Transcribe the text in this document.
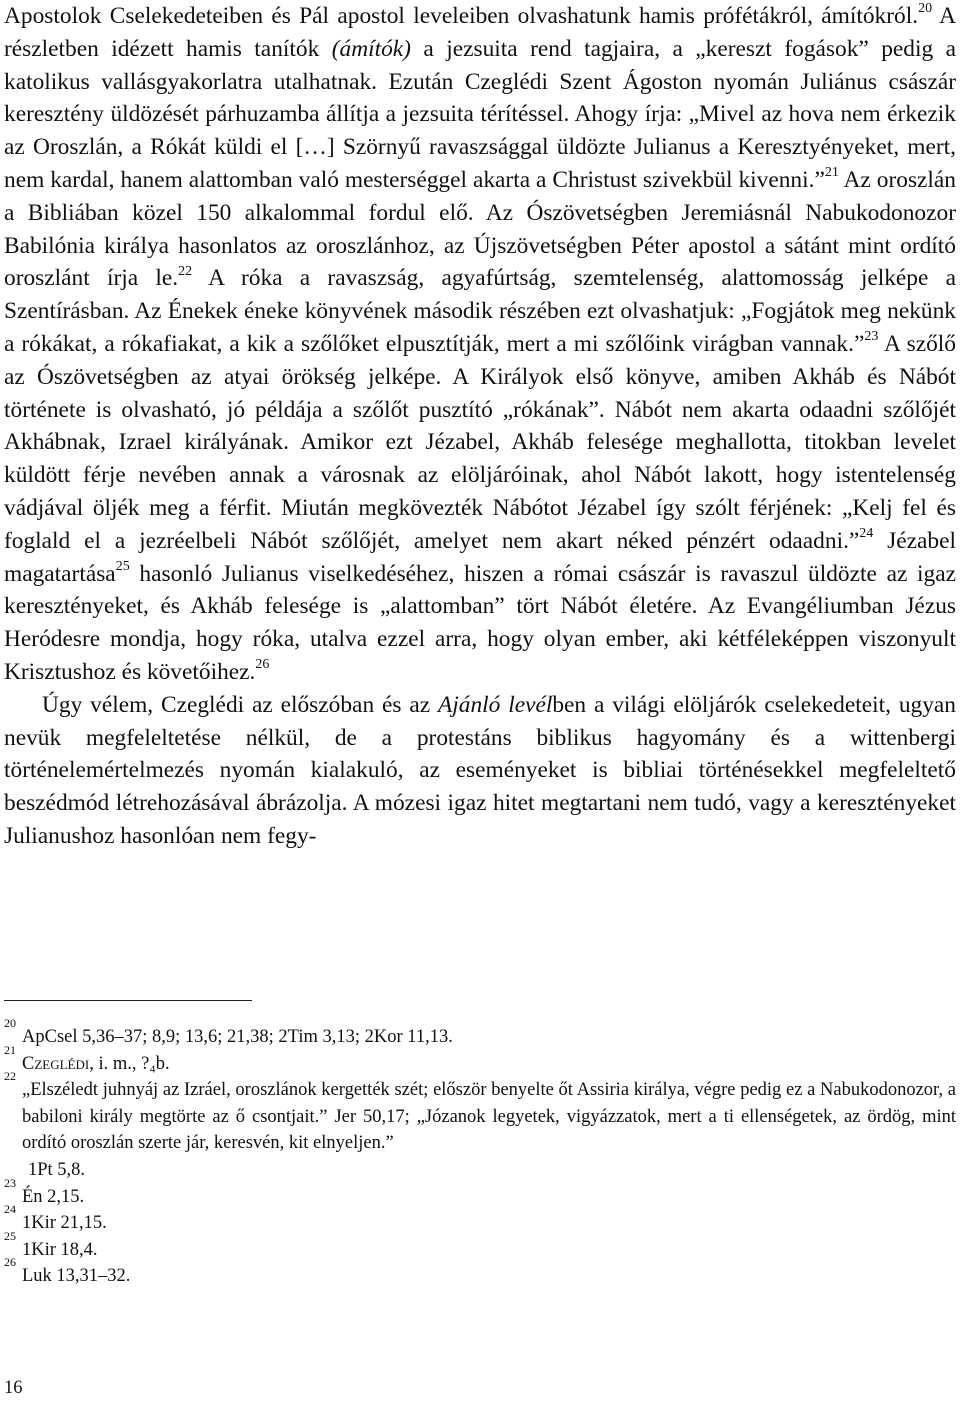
Apostolok Cselekedeteiben és Pál apostol leveleiben olvashatunk hamis prófétákról, ámítókról.$^{20}$ A részletben idézett hamis tanítók (ámítók) a jezsuita rend tagjaira, a „kereszt fogások” pedig a katolikus vallásgyakorlatra utalhatnak. Ezután Czeglédi Szent Ágoston nyomán Juliánus császár keresztény üldözését párhuzamba állítja a jezsuita térítéssel. Ahogy írja: „Mivel az hova nem érkezik az Oroszlán, a Rókát küldi el […] Szörnyű ravaszsággal üldözte Julianus a Keresztyényeket, mert, nem kardal, hanem alattomban való mesterséggel akarta a Christust szivekbül kivenni.”$^{21}$ Az oroszlán a Bibliában közel 150 alkalommal fordul elő. Az Ószövetségben Jeremiásnál Nabukodonozor Babilónia királya hasonlatos az oroszlánhoz, az Újszövetségben Péter apostol a sátánt mint ordító oroszlánt írja le.$^{22}$ A róka a ravaszság, agyafúrtság, szemtelenség, alattomosság jelképe a Szentírásban. Az Énekek éneke könyvének második részében ezt olvashatjuk: „Fogjátok meg nekünk a rókákat, a rókafiakat, a kik a szőlőket elpusztítják, mert a mi szőlőink virágban vannak.”$^{23}$ A szőlő az Ószövetségben az atyai örökség jelképe. A Királyok első könyve, amiben Akháb és Nábót története is olvasható, jó példája a szőlőt pusztító „rókának”. Nábót nem akarta odaadni szőlőjét Akhábnak, Izrael királyának. Amikor ezt Jézabel, Akháb felesége meghallotta, titokban levelet küldött férje nevében annak a városnak az elöljáróinak, ahol Nábót lakott, hogy istentelenség vádjával öljék meg a férfit. Miután megkövezték Nábótot Jézabel így szólt férjének: „Kelj fel és foglald el a jezréelbeli Nábót szőlőjét, amelyet nem akart néked pénzért odaadni.”$^{24}$ Jézabel magatartása$^{25}$ hasonló Julianus viselkedéséhez, hiszen a római császár is ravaszul üldözte az igaz keresztényeket, és Akháb felesége is „alattomban” tört Nábót életére. Az Evangéliumban Jézus Heródesre mondja, hogy róka, utalva ezzel arra, hogy olyan ember, aki kétféleképpen viszonyult Krisztushoz és követőihez.$^{26}$

Úgy vélem, Czeglédi az előszóban és az Ajánló levélben a világi elöljárók cselekedeteit, ugyan nevük megfeleltetése nélkül, de a protestáns biblikus hagyomány és a wittenbergi történelemértelmezés nyomán kialakuló, az eseményeket is bibliai történésekkel megfeleltető beszédmód létrehozásával ábrázolja. A mózesi igaz hitet megtartani nem tudó, vagy a keresztényeket Julianushoz hasonlóan nem fegy-

20
ApCsel 5,36–37; 8,9; 13,6; 21,38; 2Tim 3,13; 2Kor 11,13.

21
Czeglédi, i. m., ?₄b.

22
„Elszéledt juhnyáj az Izráel, oroszlánok kergették szét; először benyelte őt Assiria királya, végre pedig ez a Nabukodonozor, a babiloni király megtörte az ő csontjait.” Jer 50,17; „Józanok legyetek, vigyázzatok, mert a ti ellenségetek, az ördög, mint ordító oroszlán szerte jár, keresvén, kit elnyeljen.”
1Pt 5,8.

23
Én 2,15.

24
1Kir 21,15.

25
1Kir 18,4.

26
Luk 13,31–32.

16
